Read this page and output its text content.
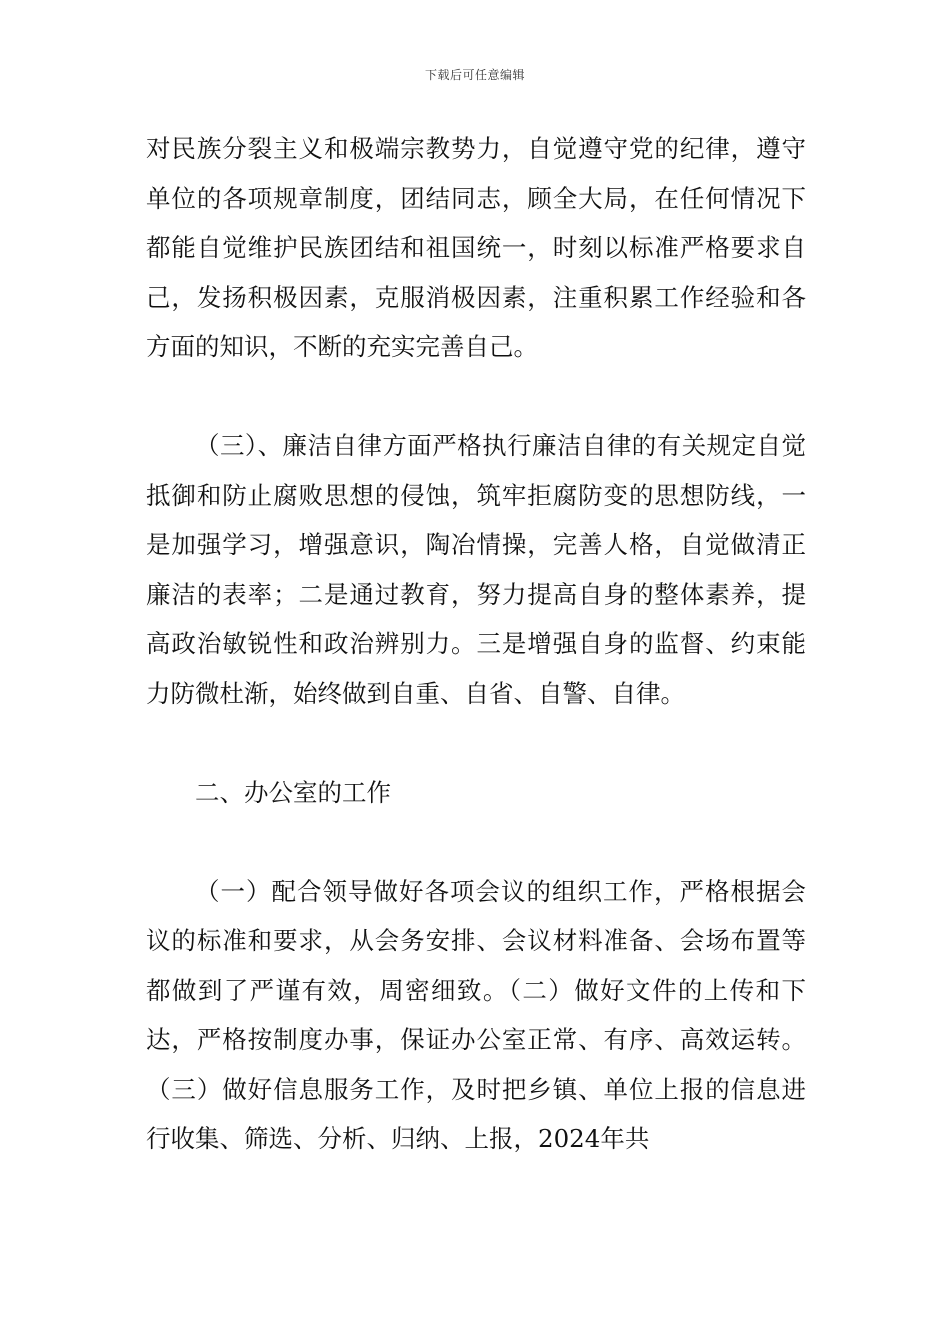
下载后可任意编辑

对民族分裂主义和极端宗教势力，自觉遵守党的纪律，遵守单位的各项规章制度，团结同志，顾全大局，在任何情况下都能自觉维护民族团结和祖国统一，时刻以标准严格要求自己，发扬积极因素，克服消极因素，注重积累工作经验和各方面的知识，不断的充实完善自己。

（三）、廉洁自律方面严格执行廉洁自律的有关规定自觉抵御和防止腐败思想的侵蚀，筑牢拒腐防变的思想防线，一是加强学习，增强意识，陶冶情操，完善人格，自觉做清正廉洁的表率；二是通过教育，努力提高自身的整体素养，提高政治敏锐性和政治辨别力。三是增强自身的监督、约束能力防微杜渐，始终做到自重、自省、自警、自律。

二、办公室的工作

（一）配合领导做好各项会议的组织工作，严格根据会议的标准和要求，从会务安排、会议材料准备、会场布置等都做到了严谨有效，周密细致。（二）做好文件的上传和下达，严格按制度办事，保证办公室正常、有序、高效运转。（三）做好信息服务工作，及时把乡镇、单位上报的信息进行收集、筛选、分析、归纳、上报，2024年共
